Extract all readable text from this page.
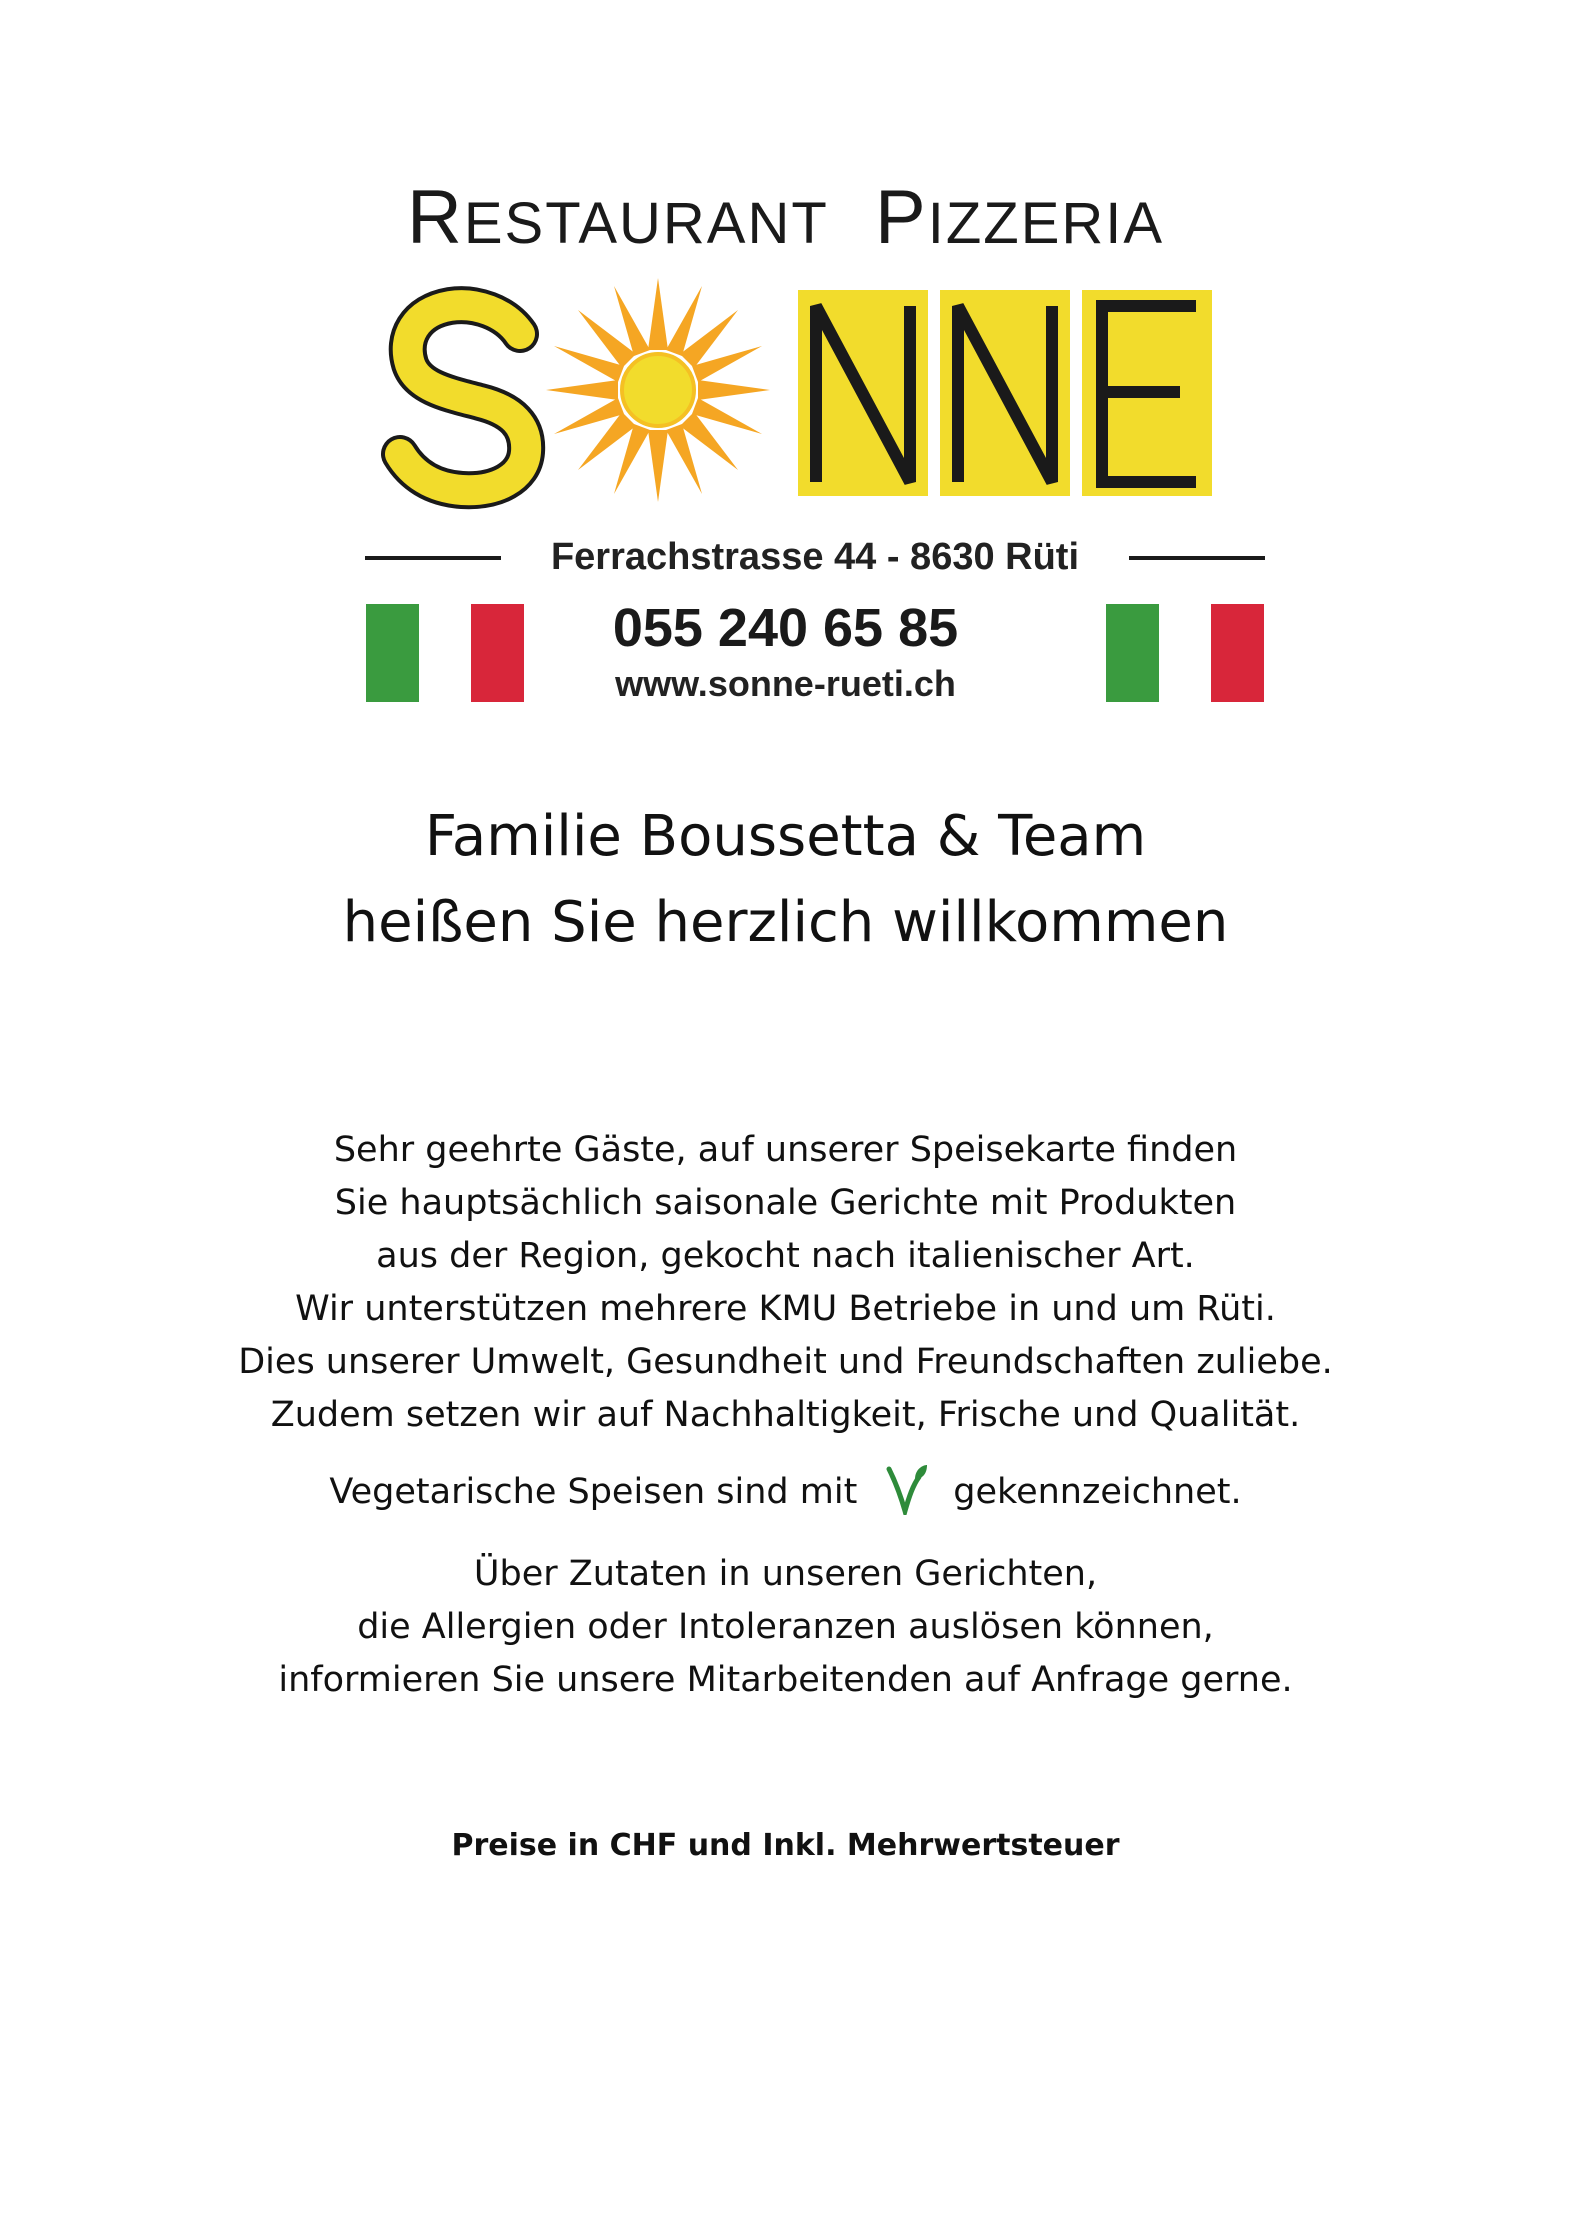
RESTAURANT PIZZERIA
Ferrachstrasse 44 - 8630 Rüti
055 240 65 85
www.sonne-rueti.ch
Familie Boussetta & Team
heißen Sie herzlich willkommen
Sehr geehrte Gäste, auf unserer Speisekarte finden
Sie hauptsächlich saisonale Gerichte mit Produkten
aus der Region, gekocht nach italienischer Art.
Wir unterstützen mehrere KMU Betriebe in und um Rüti.
Dies unserer Umwelt, Gesundheit und Freundschaften zuliebe.
Zudem setzen wir auf Nachhaltigkeit, Frische und Qualität.
Vegetarische Speisen sind mit	gekennzeichnet.
Über Zutaten in unseren Gerichten,
die Allergien oder Intoleranzen auslösen können,
informieren Sie unsere Mitarbeitenden auf Anfrage gerne.
Preise in CHF und Inkl. Mehrwertsteuer
